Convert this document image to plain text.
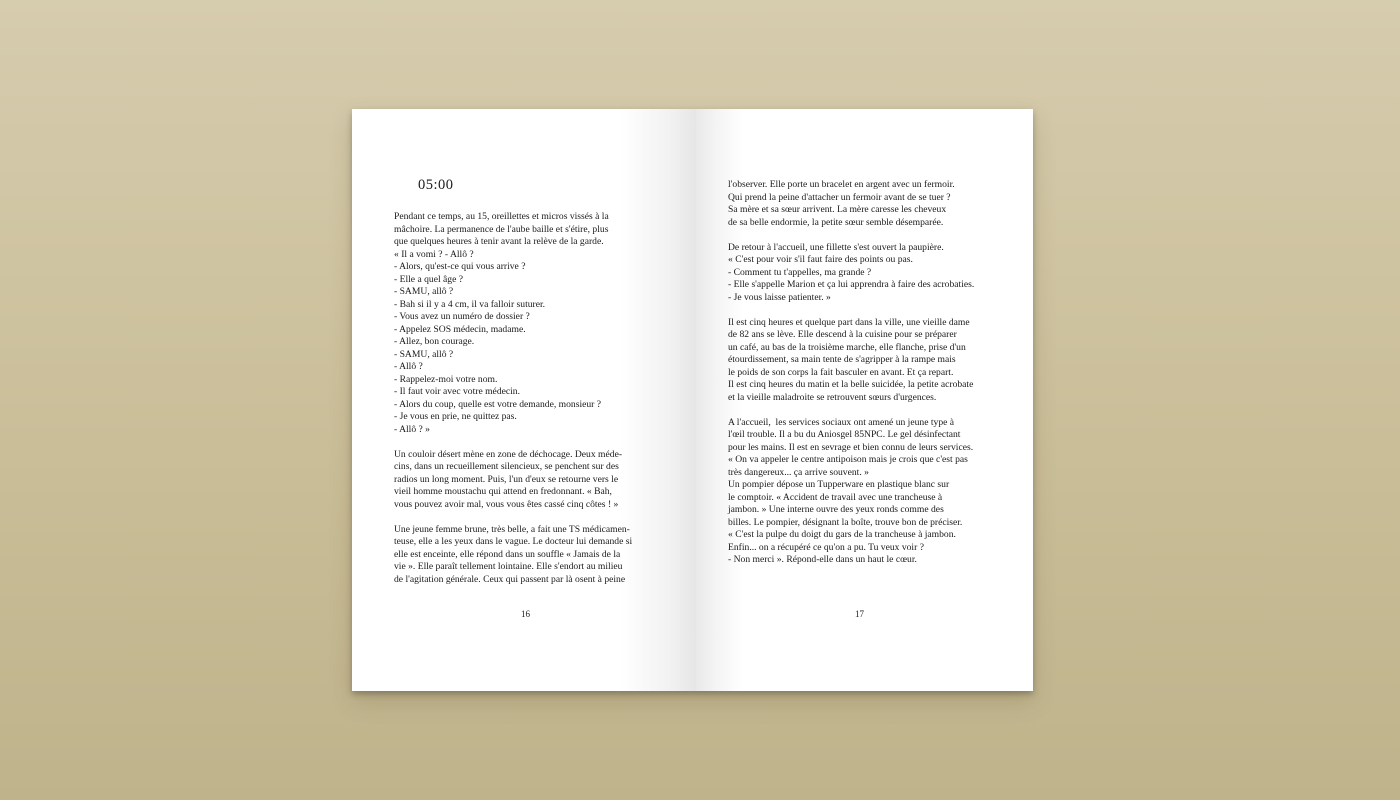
05:00

Pendant ce temps, au 15, oreillettes et micros vissés à la
mâchoire. La permanence de l'aube baille et s'étire, plus
que quelques heures à tenir avant la relève de la garde.
« Il a vomi ? - Allô ?
- Alors, qu'est-ce qui vous arrive ?
- Elle a quel âge ?
- SAMU, allô ?
- Bah si il y a 4 cm, il va falloir suturer.
- Vous avez un numéro de dossier ?
- Appelez SOS médecin, madame.
- Allez, bon courage.
- SAMU, allô ?
- Allô ?
- Rappelez-moi votre nom.
- Il faut voir avec votre médecin.
- Alors du coup, quelle est votre demande, monsieur ?
- Je vous en prie, ne quittez pas.
- Allô ? »

Un couloir désert mène en zone de déchocage. Deux méde-
cins, dans un recueillement silencieux, se penchent sur des
radios un long moment. Puis, l'un d'eux se retourne vers le
vieil homme moustachu qui attend en fredonnant. « Bah,
vous pouvez avoir mal, vous vous êtes cassé cinq côtes ! »

Une jeune femme brune, très belle, a fait une TS médicamen-
teuse, elle a les yeux dans le vague. Le docteur lui demande si
elle est enceinte, elle répond dans un souffle « Jamais de la
vie ». Elle paraît tellement lointaine. Elle s'endort au milieu
de l'agitation générale. Ceux qui passent par là osent à peine

16

l'observer. Elle porte un bracelet en argent avec un fermoir.
Qui prend la peine d'attacher un fermoir avant de se tuer ?
Sa mère et sa sœur arrivent. La mère caresse les cheveux
de sa belle endormie, la petite sœur semble désemparée.

De retour à l'accueil, une fillette s'est ouvert la paupière.
« C'est pour voir s'il faut faire des points ou pas.
- Comment tu t'appelles, ma grande ?
- Elle s'appelle Marion et ça lui apprendra à faire des acrobaties.
- Je vous laisse patienter. »

Il est cinq heures et quelque part dans la ville, une vieille dame
de 82 ans se lève. Elle descend à la cuisine pour se préparer
un café, au bas de la troisième marche, elle flanche, prise d'un
étourdissement, sa main tente de s'agripper à la rampe mais
le poids de son corps la fait basculer en avant. Et ça repart.
Il est cinq heures du matin et la belle suicidée, la petite acrobate
et la vieille maladroite se retrouvent sœurs d'urgences.

A l'accueil,  les services sociaux ont amené un jeune type à
l'œil trouble. Il a bu du Aniosgel 85NPC. Le gel désinfectant
pour les mains. Il est en sevrage et bien connu de leurs services.
« On va appeler le centre antipoison mais je crois que c'est pas
très dangereux... ça arrive souvent. »
Un pompier dépose un Tupperware en plastique blanc sur
le comptoir. « Accident de travail avec une trancheuse à
jambon. » Une interne ouvre des yeux ronds comme des
billes. Le pompier, désignant la boîte, trouve bon de préciser.
« C'est la pulpe du doigt du gars de la trancheuse à jambon.
Enfin... on a récupéré ce qu'on a pu. Tu veux voir ?
- Non merci ». Répond-elle dans un haut le cœur.

17
